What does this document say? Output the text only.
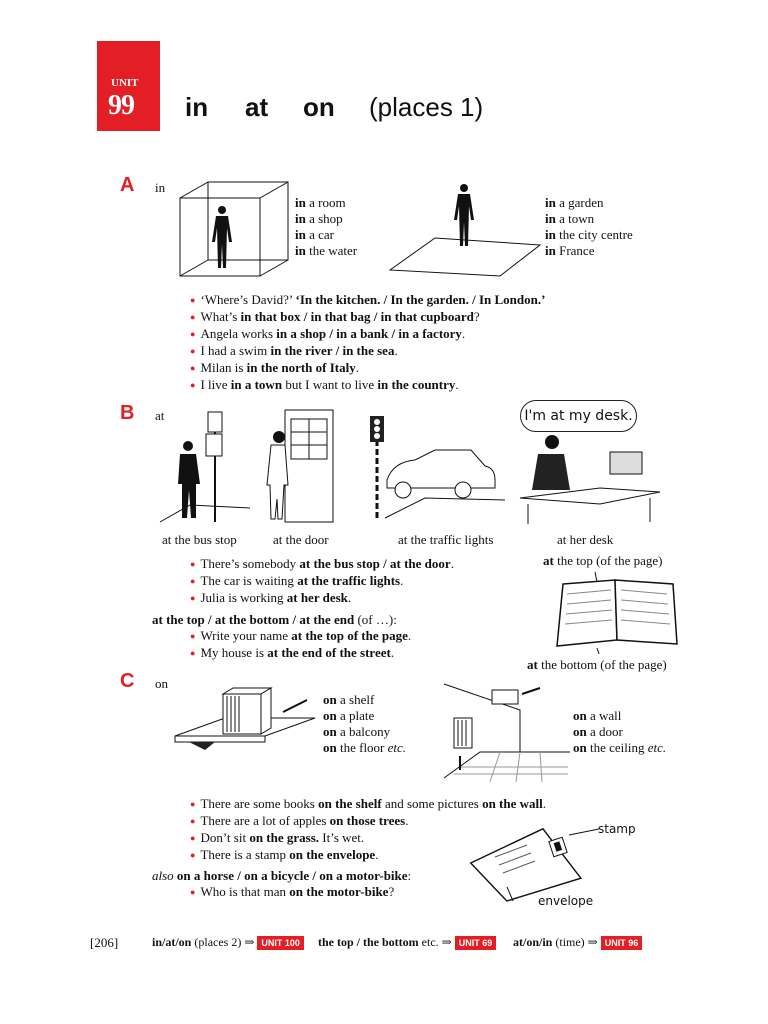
UNIT
99 in at on (places 1)
A in
in a room
in a shop
in a car
in the water
in a garden
in a town
in the city centre
in France
● ‘Where’s David?’ ‘In the kitchen. / In the garden. / In London.’
● What’s in that box / in that bag / in that cupboard?
● Angela works in a shop / in a bank / in a factory.
● I had a swim in the river / in the sea.
● Milan is in the north of Italy.
● I live in a town but I want to live in the country.
B at	I'm at my desk.
at the bus stop	at the door	at the traffic lights	at her desk
● There’s somebody at the bus stop / at the door.
● The car is waiting at the traffic lights.
● Julia is working at her desk.
at the top / at the bottom / at the end (of …):
● Write your name at the top of the page.
● My house is at the end of the street.
at the top (of the page)
at the bottom (of the page)
C on
on a shelf
on a plate
on a balcony
on the floor etc.
on a wall
on a door
on the ceiling etc.
● There are some books on the shelf and some pictures on the wall.
● There are a lot of apples on those trees.
● Don’t sit on the grass. It’s wet.
● There is a stamp on the envelope.
also on a horse / on a bicycle / on a motor-bike:
● Who is that man on the motor-bike?
stamp
envelope
[206]	in/at/on (places 2) ⇒ UNIT 100	the top / the bottom etc. ⇒ UNIT 69	at/on/in (time) ⇒ UNIT 96
